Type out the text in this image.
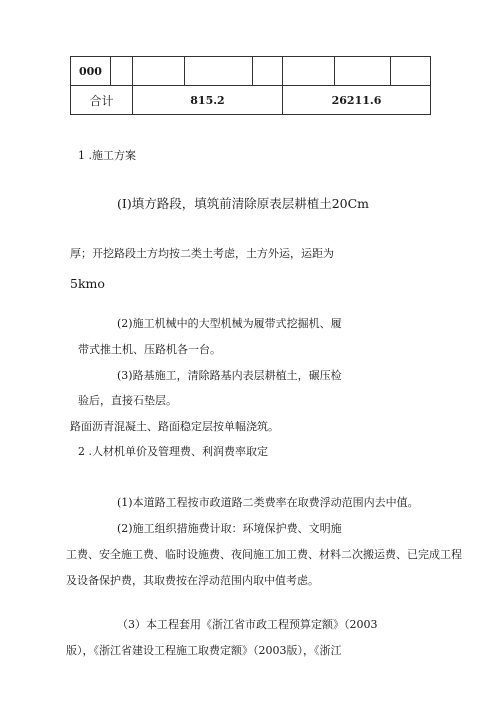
000							
合计		815.2			26211.6		
1 .施工方案
(I)填方路段，填筑前清除原表层耕植土20Cm
厚；开挖路段土方均按二类土考虑，土方外运，运距为
5kmo
(2)施工机械中的大型机械为履带式挖掘机、履
带式推土机、压路机各一台。
(3)路基施工，清除路基内表层耕植土，碾压检
验后，直接石垫层。
路面沥青混凝土、路面稳定层按单幅浇筑。
2 .人材机单价及管理费、利润费率取定
(1)本道路工程按市政道路二类费率在取费浮动范围内去中值。
(2)施工组织措施费计取：环境保护费、文明施
工费、安全施工费、临时设施费、夜间施工加工费、材料二次搬运费、已完成工程
及设备保护费，其取费按在浮动范围内取中值考虑。
（3）本工程套用《浙江省市政工程预算定额》（2003
版），《浙江省建设工程施工取费定额》（2003版），《浙江
